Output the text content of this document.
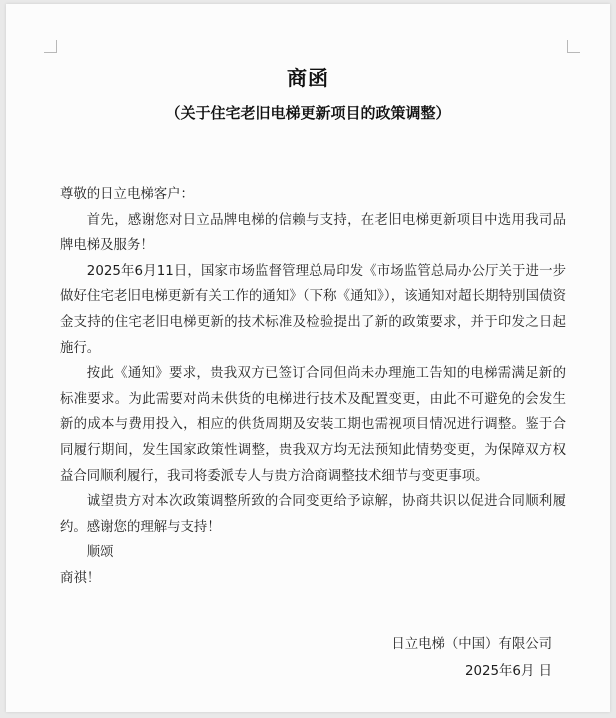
商函
（关于住宅老旧电梯更新项目的政策调整）

尊敬的日立电梯客户：

首先，感谢您对日立品牌电梯的信赖与支持，在老旧电梯更新项目中选用我司品牌电梯及服务！

2025年6月11日，国家市场监督管理总局印发《市场监管总局办公厅关于进一步做好住宅老旧电梯更新有关工作的通知》（下称《通知》），该通知对超长期特别国债资金支持的住宅老旧电梯更新的技术标准及检验提出了新的政策要求，并于印发之日起施行。

按此《通知》要求，贵我双方已签订合同但尚未办理施工告知的电梯需满足新的标准要求。为此需要对尚未供货的电梯进行技术及配置变更，由此不可避免的会发生新的成本与费用投入，相应的供货周期及安装工期也需视项目情况进行调整。鉴于合同履行期间，发生国家政策性调整，贵我双方均无法预知此情势变更，为保障双方权益合同顺利履行，我司将委派专人与贵方洽商调整技术细节与变更事项。

诚望贵方对本次政策调整所致的合同变更给予谅解，协商共识以促进合同顺利履约。感谢您的理解与支持！

顺颂

商祺！

日立电梯（中国）有限公司
2025年6月 日
